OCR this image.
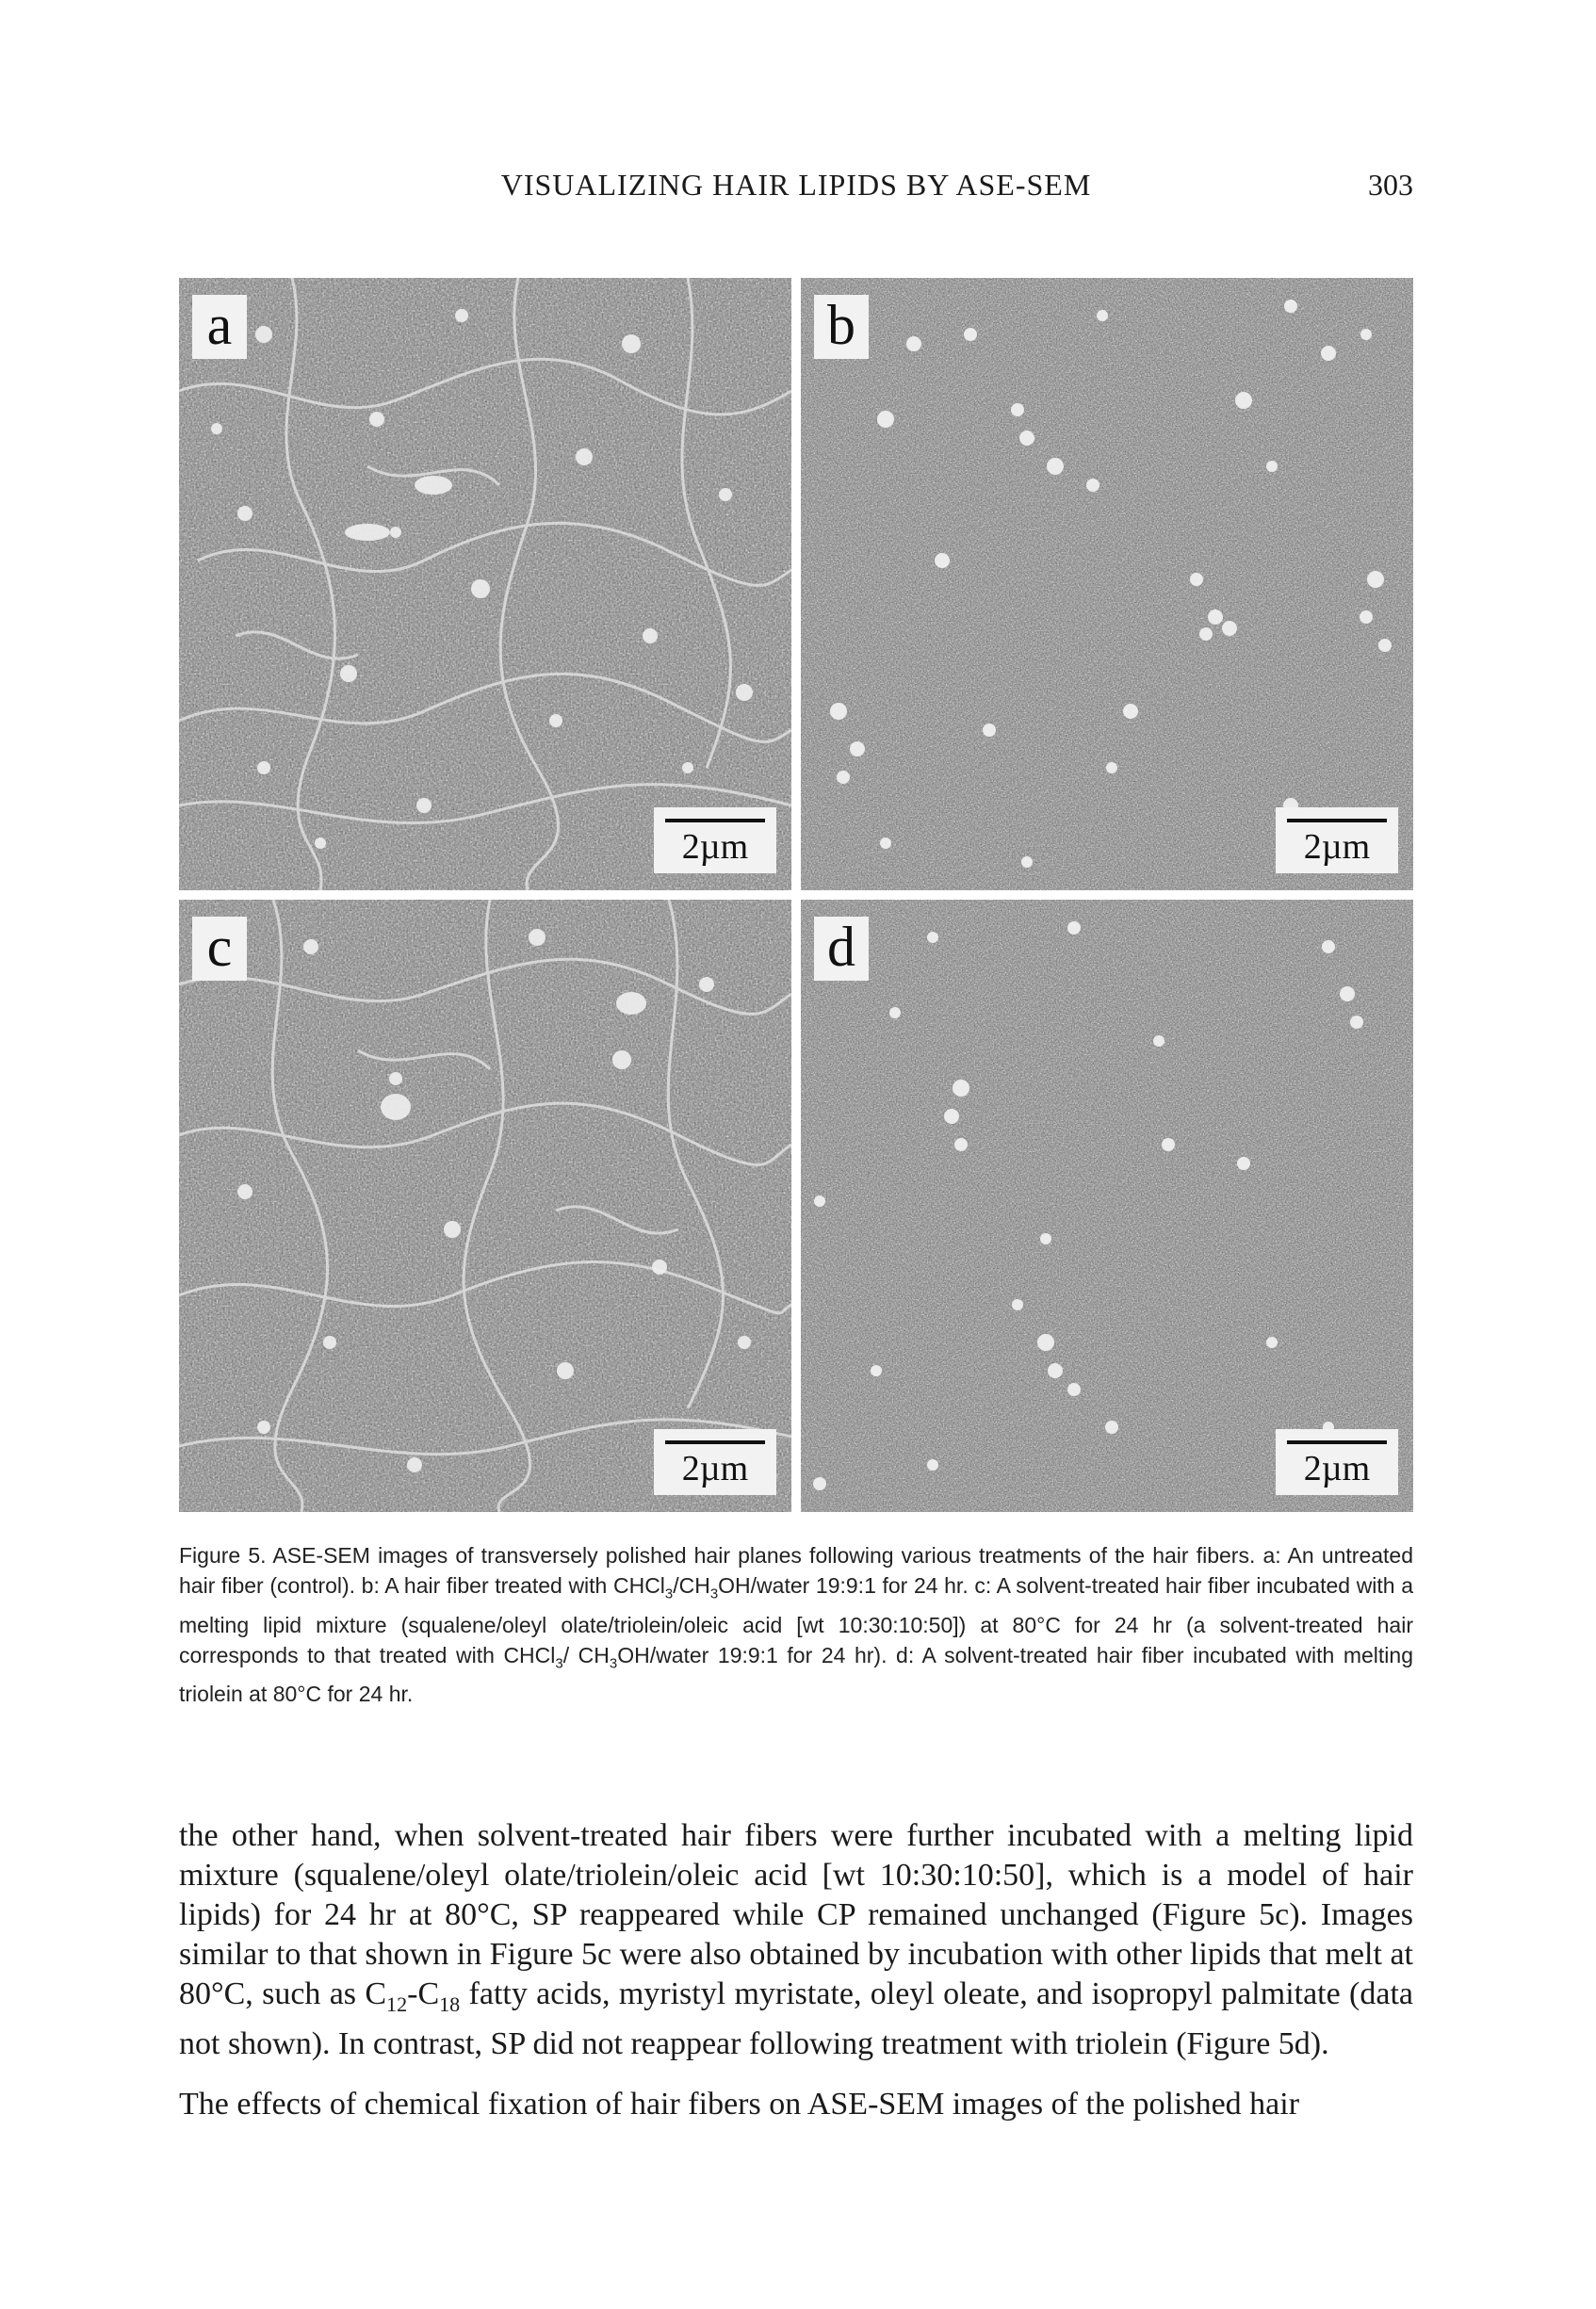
VISUALIZING HAIR LIPIDS BY ASE-SEM	303
a
2µm
b
2µm
c
2µm
d
2µm
Figure 5. ASE-SEM images of transversely polished hair planes following various treatments of the hair fibers. a: An untreated hair fiber (control). b: A hair fiber treated with $CHCl_3/CH_3OH$/water 19:9:1 for 24 hr. c: A solvent-treated hair fiber incubated with a melting lipid mixture (squalene/oleyl olate/triolein/oleic acid [wt 10:30:10:50]) at 80°C for 24 hr (a solvent-treated hair corresponds to that treated with CHCl$_3$/ $CH_3OH$/water 19:9:1 for 24 hr). d: A solvent-treated hair fiber incubated with melting triolein at 80°C for 24 hr.

the other hand, when solvent-treated hair fibers were further incubated with a melting lipid mixture (squalene/oleyl olate/triolein/oleic acid [wt 10:30:10:50], which is a model of hair lipids) for 24 hr at 80°C, SP reappeared while CP remained unchanged (Figure 5c). Images similar to that shown in Figure 5c were also obtained by incubation with other lipids that melt at 80°C, such as $C_{12}-C_{18}$ fatty acids, myristyl myristate, oleyl oleate, and isopropyl palmitate (data not shown). In contrast, SP did not reappear following treatment with triolein (Figure 5d).

The effects of chemical fixation of hair fibers on ASE-SEM images of the polished hair
